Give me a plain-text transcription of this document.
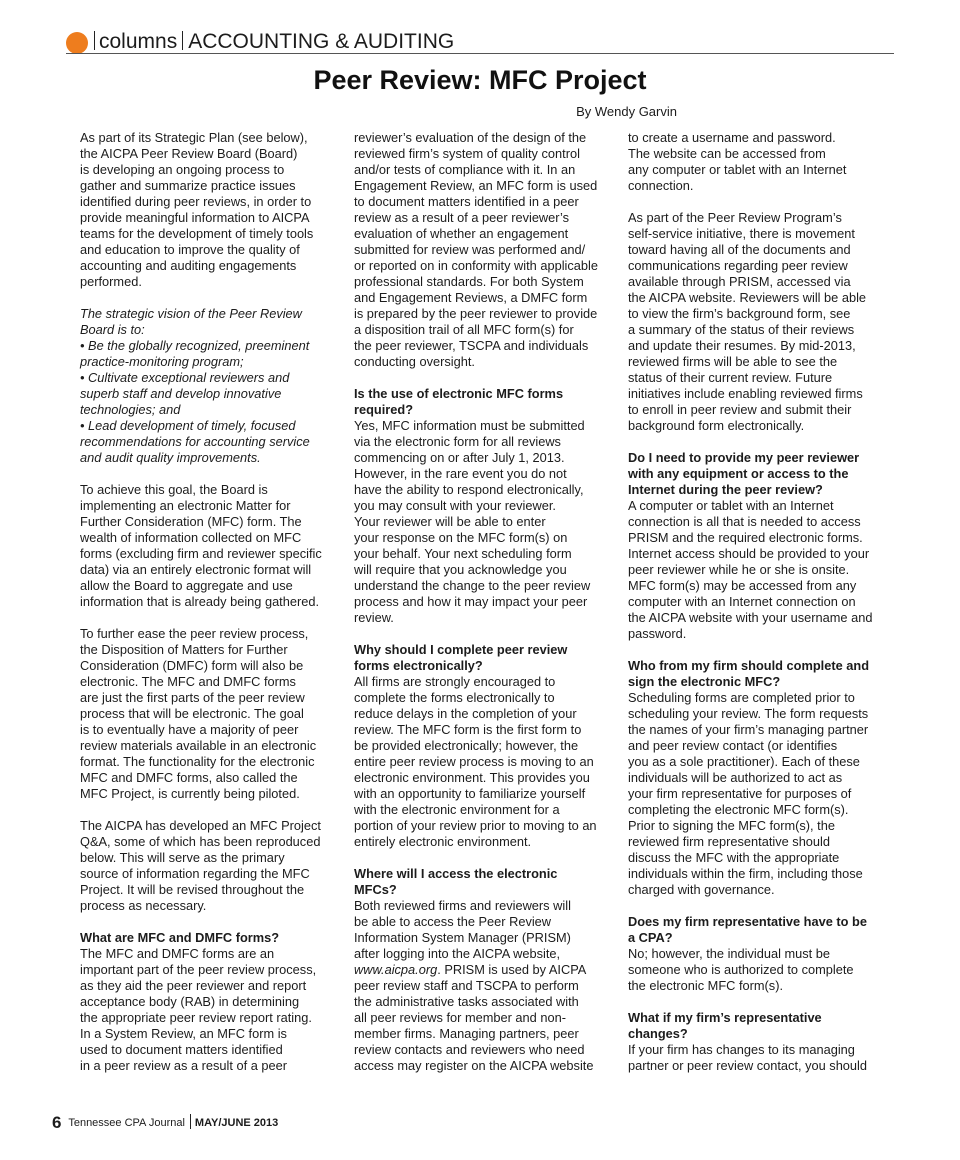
columns ACCOUNTING & AUDITING
Peer Review: MFC Project
By Wendy Garvin

As part of its Strategic Plan (see below),
the AICPA Peer Review Board (Board)
is developing an ongoing process to
gather and summarize practice issues
identified during peer reviews, in order to
provide meaningful information to AICPA
teams for the development of timely tools
and education to improve the quality of
accounting and auditing engagements
performed.

The strategic vision of the Peer Review
Board is to:

• Be the globally recognized, preeminent
practice-monitoring program;
• Cultivate exceptional reviewers and
superb staff and develop innovative
technologies; and
• Lead development of timely, focused
recommendations for accounting service
and audit quality improvements.

To achieve this goal, the Board is
implementing an electronic Matter for
Further Consideration (MFC) form. The
wealth of information collected on MFC
forms (excluding firm and reviewer specific
data) via an entirely electronic format will
allow the Board to aggregate and use
information that is already being gathered.

To further ease the peer review process,
the Disposition of Matters for Further
Consideration (DMFC) form will also be
electronic. The MFC and DMFC forms
are just the first parts of the peer review
process that will be electronic. The goal
is to eventually have a majority of peer
review materials available in an electronic
format. The functionality for the electronic
MFC and DMFC forms, also called the
MFC Project, is currently being piloted.

The AICPA has developed an MFC Project
Q&A, some of which has been reproduced
below. This will serve as the primary
source of information regarding the MFC
Project. It will be revised throughout the
process as necessary.

What are MFC and DMFC forms?

The MFC and DMFC forms are an
important part of the peer review process,
as they aid the peer reviewer and report
acceptance body (RAB) in determining
the appropriate peer review report rating.
In a System Review, an MFC form is
used to document matters identified
in a peer review as a result of a peer

reviewer’s evaluation of the design of the
reviewed firm’s system of quality control
and/or tests of compliance with it. In an
Engagement Review, an MFC form is used
to document matters identified in a peer
review as a result of a peer reviewer’s
evaluation of whether an engagement
submitted for review was performed and/
or reported on in conformity with applicable
professional standards. For both System
and Engagement Reviews, a DMFC form
is prepared by the peer reviewer to provide
a disposition trail of all MFC form(s) for
the peer reviewer, TSCPA and individuals
conducting oversight.

Is the use of electronic MFC forms
required?

Yes, MFC information must be submitted
via the electronic form for all reviews
commencing on or after July 1, 2013.
However, in the rare event you do not
have the ability to respond electronically,
you may consult with your reviewer.
Your reviewer will be able to enter
your response on the MFC form(s) on
your behalf. Your next scheduling form
will require that you acknowledge you
understand the change to the peer review
process and how it may impact your peer
review.

Why should I complete peer review
forms electronically?

All firms are strongly encouraged to
complete the forms electronically to
reduce delays in the completion of your
review. The MFC form is the first form to
be provided electronically; however, the
entire peer review process is moving to an
electronic environment. This provides you
with an opportunity to familiarize yourself
with the electronic environment for a
portion of your review prior to moving to an
entirely electronic environment.

Where will I access the electronic
MFCs?

Both reviewed firms and reviewers will
be able to access the Peer Review
Information System Manager (PRISM)
after logging into the AICPA website,
www.aicpa.org. PRISM is used by AICPA
peer review staff and TSCPA to perform
the administrative tasks associated with
all peer reviews for member and non-
member firms. Managing partners, peer
review contacts and reviewers who need
access may register on the AICPA website

to create a username and password.
The website can be accessed from
any computer or tablet with an Internet
connection.

As part of the Peer Review Program’s
self-service initiative, there is movement
toward having all of the documents and
communications regarding peer review
available through PRISM, accessed via
the AICPA website. Reviewers will be able
to view the firm’s background form, see
a summary of the status of their reviews
and update their resumes. By mid-2013,
reviewed firms will be able to see the
status of their current review. Future
initiatives include enabling reviewed firms
to enroll in peer review and submit their
background form electronically.

Do I need to provide my peer reviewer
with any equipment or access to the
Internet during the peer review?

A computer or tablet with an Internet
connection is all that is needed to access
PRISM and the required electronic forms.
Internet access should be provided to your
peer reviewer while he or she is onsite.
MFC form(s) may be accessed from any
computer with an Internet connection on
the AICPA website with your username and
password.

Who from my firm should complete and
sign the electronic MFC?

Scheduling forms are completed prior to
scheduling your review. The form requests
the names of your firm’s managing partner
and peer review contact (or identifies
you as a sole practitioner). Each of these
individuals will be authorized to act as
your firm representative for purposes of
completing the electronic MFC form(s).
Prior to signing the MFC form(s), the
reviewed firm representative should
discuss the MFC with the appropriate
individuals within the firm, including those
charged with governance.

Does my firm representative have to be
a CPA?

No; however, the individual must be
someone who is authorized to complete
the electronic MFC form(s).

What if my firm’s representative
changes?

If your firm has changes to its managing
partner or peer review contact, you should

6 Tennessee CPA Journal MAY/JUNE 2013
